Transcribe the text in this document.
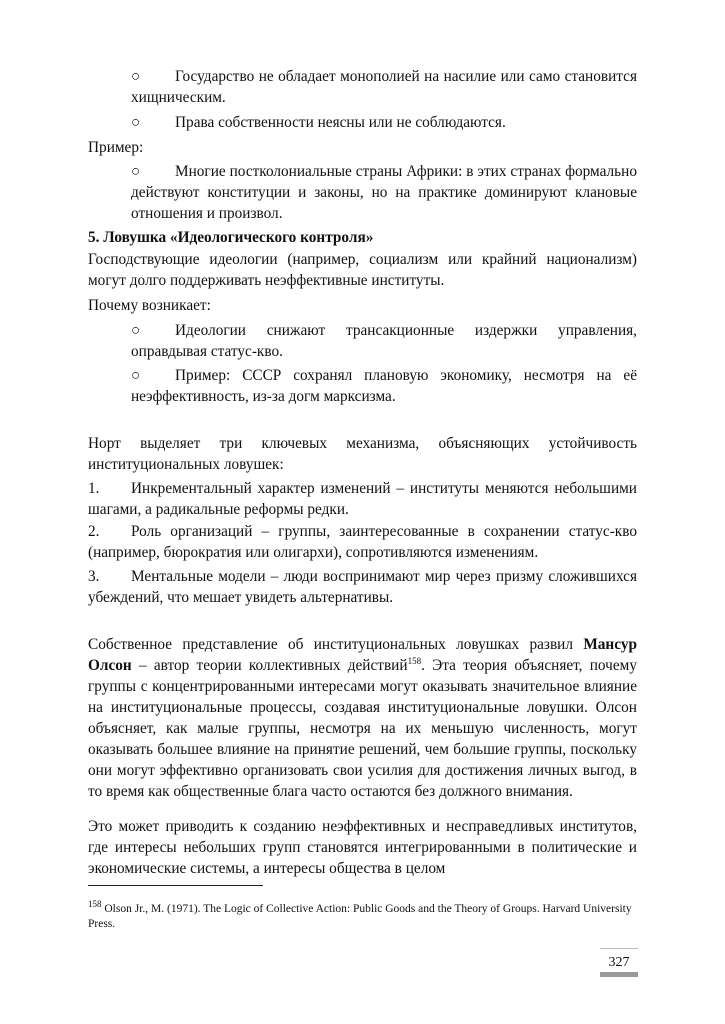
○	Государство не обладает монополией на насилие или само становится хищническим.
○	Права собственности неясны или не соблюдаются.
Пример:
○	Многие постколониальные страны Африки: в этих странах формально действуют конституции и законы, но на практике доминируют клановые отношения и произвол.
5. Ловушка «Идеологического контроля»
Господствующие идеологии (например, социализм или крайний национализм) могут долго поддерживать неэффективные институты.
Почему возникает:
○	Идеологии снижают трансакционные издержки управления, оправдывая статус-кво.
○	Пример: СССР сохранял плановую экономику, несмотря на её неэффективность, из-за догм марксизма.
Норт выделяет три ключевых механизма, объясняющих устойчивость институциональных ловушек:
1.	Инкрементальный характер изменений – институты меняются небольшими шагами, а радикальные реформы редки.
2.	Роль организаций – группы, заинтересованные в сохранении статус-кво (например, бюрократия или олигархи), сопротивляются изменениям.
3.	Ментальные модели – люди воспринимают мир через призму сложившихся убеждений, что мешает увидеть альтернативы.
Собственное представление об институциональных ловушках развил Мансур Олсон – автор теории коллективных действий$^{158}$. Эта теория объясняет, почему группы с концентрированными интересами могут оказывать значительное влияние на институциональные процессы, создавая институциональные ловушки. Олсон объясняет, как малые группы, несмотря на их меньшую численность, могут оказывать большее влияние на принятие решений, чем большие группы, поскольку они могут эффективно организовать свои усилия для достижения личных выгод, в то время как общественные блага часто остаются без должного внимания.
Это может приводить к созданию неэффективных и несправедливых институтов, где интересы небольших групп становятся интегрированными в политические и экономические системы, а интересы общества в целом
$^{158}$ Olson Jr., M. (1971). The Logic of Collective Action: Public Goods and the Theory of Groups. Harvard University Press.
327
